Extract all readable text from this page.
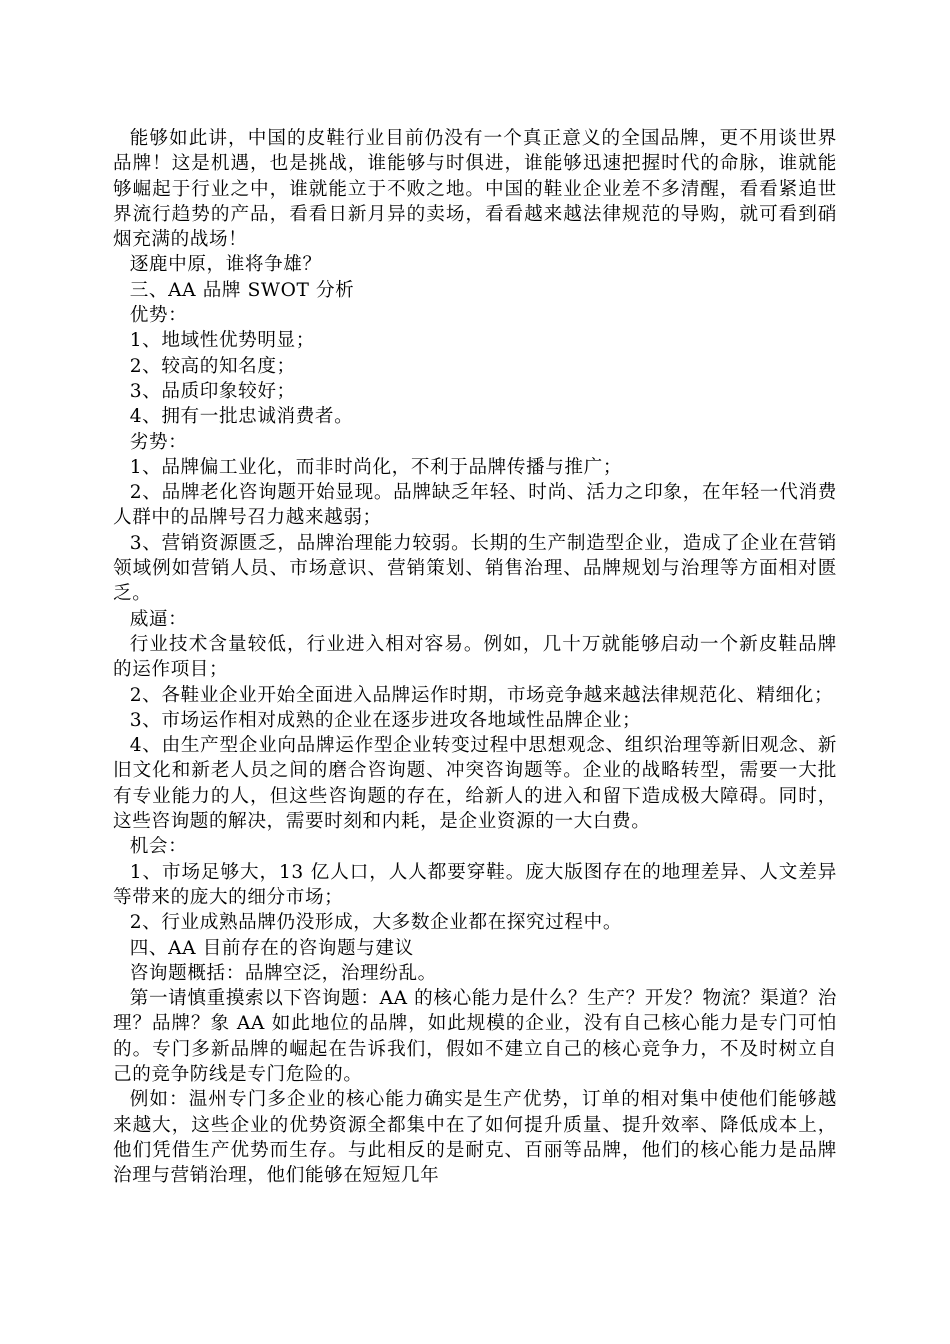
能够如此讲，中国的皮鞋行业目前仍没有一个真正意义的全国品牌，更不用谈世界品牌！这是机遇，也是挑战，谁能够与时俱进，谁能够迅速把握时代的命脉，谁就能够崛起于行业之中，谁就能立于不败之地。中国的鞋业企业差不多清醒，看看紧追世界流行趋势的产品，看看日新月异的卖场，看看越来越法律规范的导购，就可看到硝烟充满的战场！

逐鹿中原，谁将争雄？

三、AA 品牌 SWOT 分析

优势：

1、地域性优势明显；

2、较高的知名度；

3、品质印象较好；

4、拥有一批忠诚消费者。

劣势：

1、品牌偏工业化，而非时尚化，不利于品牌传播与推广；

2、品牌老化咨询题开始显现。品牌缺乏年轻、时尚、活力之印象，在年轻一代消费人群中的品牌号召力越来越弱；

3、营销资源匮乏，品牌治理能力较弱。长期的生产制造型企业，造成了企业在营销领域例如营销人员、市场意识、营销策划、销售治理、品牌规划与治理等方面相对匮乏。

威逼：

行业技术含量较低，行业进入相对容易。例如，几十万就能够启动一个新皮鞋品牌的运作项目；

2、各鞋业企业开始全面进入品牌运作时期，市场竞争越来越法律规范化、精细化；

3、市场运作相对成熟的企业在逐步进攻各地域性品牌企业；

4、由生产型企业向品牌运作型企业转变过程中思想观念、组织治理等新旧观念、新旧文化和新老人员之间的磨合咨询题、冲突咨询题等。企业的战略转型，需要一大批有专业能力的人，但这些咨询题的存在，给新人的进入和留下造成极大障碍。同时，这些咨询题的解决，需要时刻和内耗，是企业资源的一大白费。

机会：

1、市场足够大，13 亿人口，人人都要穿鞋。庞大版图存在的地理差异、人文差异等带来的庞大的细分市场；

2、行业成熟品牌仍没形成，大多数企业都在探究过程中。

四、AA 目前存在的咨询题与建议

咨询题概括：品牌空泛，治理纷乱。

第一请慎重摸索以下咨询题：AA 的核心能力是什么？生产？开发？物流？渠道？治理？品牌？象 AA 如此地位的品牌，如此规模的企业，没有自己核心能力是专门可怕的。专门多新品牌的崛起在告诉我们，假如不建立自己的核心竞争力，不及时树立自己的竞争防线是专门危险的。

例如：温州专门多企业的核心能力确实是生产优势，订单的相对集中使他们能够越来越大，这些企业的优势资源全都集中在了如何提升质量、提升效率、降低成本上，他们凭借生产优势而生存。与此相反的是耐克、百丽等品牌，他们的核心能力是品牌治理与营销治理，他们能够在短短几年
